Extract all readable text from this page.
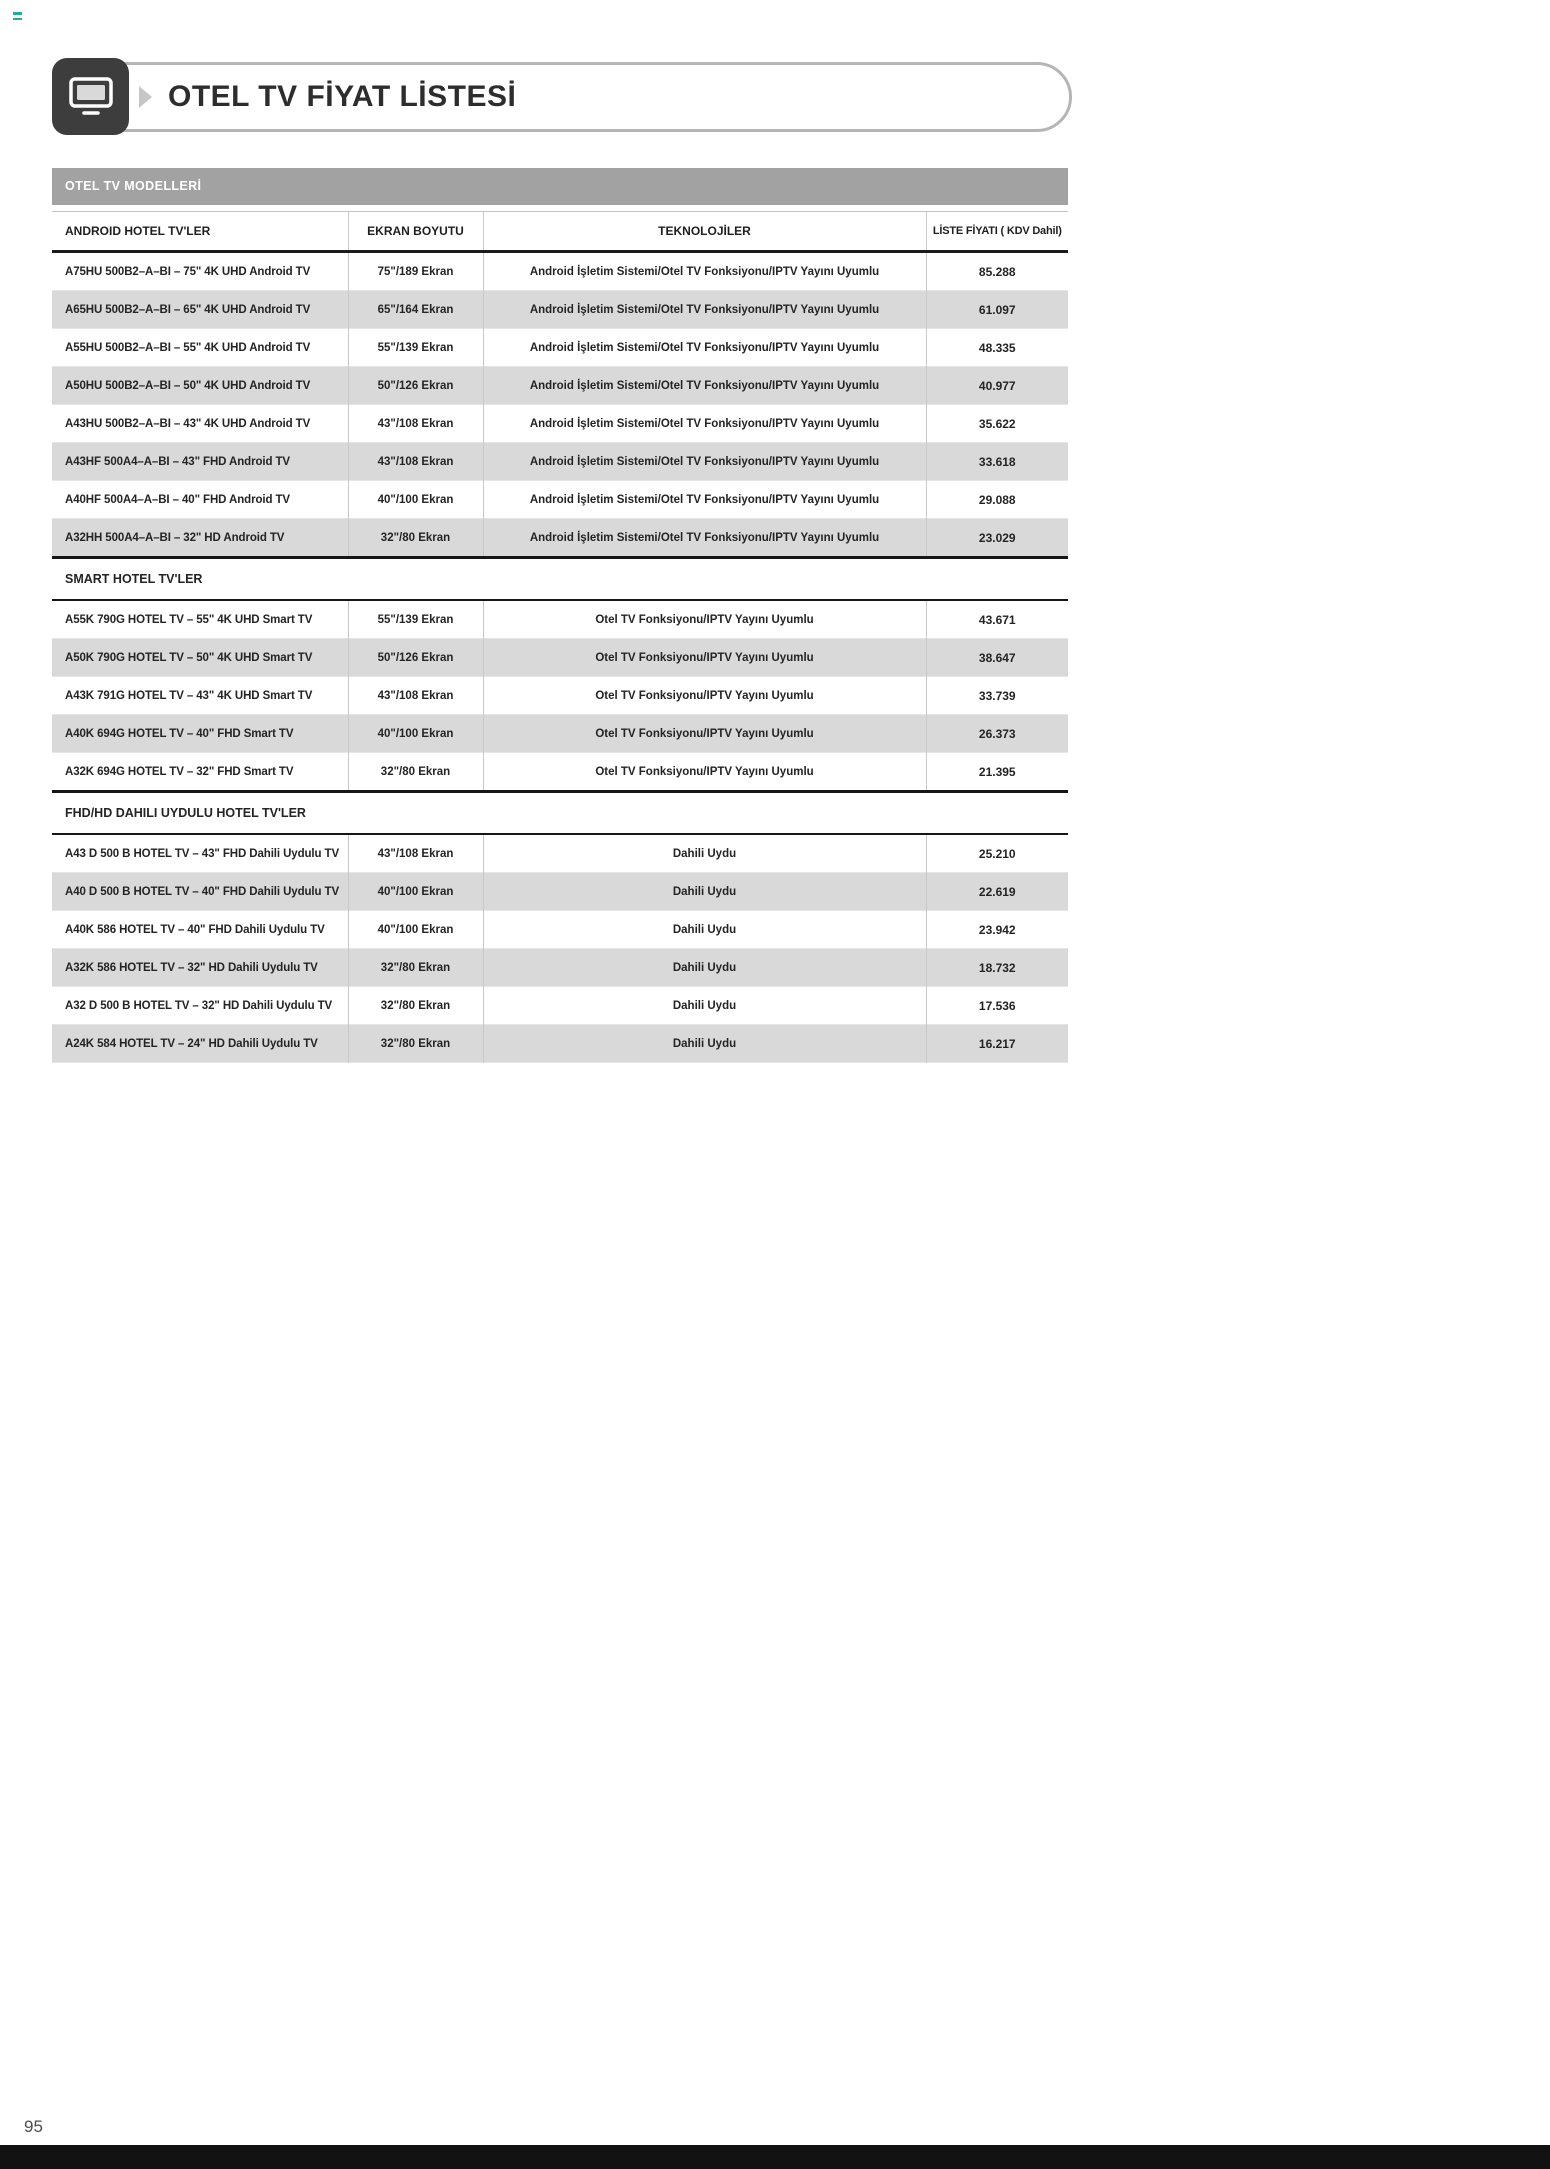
OTEL TV FİYAT LİSTESİ
OTEL TV MODELLERİ
ANDROID HOTEL TV'LER	EKRAN BOYUTU	TEKNOLOJİLER	LİSTE FİYATI ( KDV Dahil)
A75HU 500B2–A–BI – 75" 4K UHD Android TV	75"/189 Ekran	Android İşletim Sistemi/Otel TV Fonksiyonu/IPTV Yayını Uyumlu	85.288
A65HU 500B2–A–BI – 65" 4K UHD Android TV	65"/164 Ekran	Android İşletim Sistemi/Otel TV Fonksiyonu/IPTV Yayını Uyumlu	61.097
A55HU 500B2–A–BI – 55" 4K UHD Android TV	55"/139 Ekran	Android İşletim Sistemi/Otel TV Fonksiyonu/IPTV Yayını Uyumlu	48.335
A50HU 500B2–A–BI – 50" 4K UHD Android TV	50"/126 Ekran	Android İşletim Sistemi/Otel TV Fonksiyonu/IPTV Yayını Uyumlu	40.977
A43HU 500B2–A–BI – 43" 4K UHD Android TV	43"/108 Ekran	Android İşletim Sistemi/Otel TV Fonksiyonu/IPTV Yayını Uyumlu	35.622
A43HF 500A4–A–BI – 43" FHD Android TV	43"/108 Ekran	Android İşletim Sistemi/Otel TV Fonksiyonu/IPTV Yayını Uyumlu	33.618
A40HF 500A4–A–BI – 40" FHD Android TV	40"/100 Ekran	Android İşletim Sistemi/Otel TV Fonksiyonu/IPTV Yayını Uyumlu	29.088
A32HH 500A4–A–BI – 32" HD Android TV	32"/80 Ekran	Android İşletim Sistemi/Otel TV Fonksiyonu/IPTV Yayını Uyumlu	23.029
SMART HOTEL TV'LER			
A55K 790G HOTEL TV – 55" 4K UHD Smart TV	55"/139 Ekran	Otel TV Fonksiyonu/IPTV Yayını Uyumlu	43.671
A50K 790G HOTEL TV – 50" 4K UHD Smart TV	50"/126 Ekran	Otel TV Fonksiyonu/IPTV Yayını Uyumlu	38.647
A43K 791G HOTEL TV – 43" 4K UHD Smart TV	43"/108 Ekran	Otel TV Fonksiyonu/IPTV Yayını Uyumlu	33.739
A40K 694G HOTEL TV – 40" FHD Smart TV	40"/100 Ekran	Otel TV Fonksiyonu/IPTV Yayını Uyumlu	26.373
A32K 694G HOTEL TV – 32" FHD Smart TV	32"/80 Ekran	Otel TV Fonksiyonu/IPTV Yayını Uyumlu	21.395
FHD/HD DAHILI UYDULU HOTEL TV'LER			
A43 D 500 B HOTEL TV – 43" FHD Dahili Uydulu TV	43"/108 Ekran	Dahili Uydu	25.210
A40 D 500 B HOTEL TV – 40" FHD Dahili Uydulu TV	40"/100 Ekran	Dahili Uydu	22.619
A40K 586 HOTEL TV – 40" FHD Dahili Uydulu TV	40"/100 Ekran	Dahili Uydu	23.942
A32K 586 HOTEL TV – 32" HD Dahili Uydulu TV	32"/80 Ekran	Dahili Uydu	18.732
A32 D 500 B HOTEL TV – 32" HD Dahili Uydulu TV	32"/80 Ekran	Dahili Uydu	17.536
A24K 584 HOTEL TV – 24" HD Dahili Uydulu TV	32"/80 Ekran	Dahili Uydu	16.217
95
